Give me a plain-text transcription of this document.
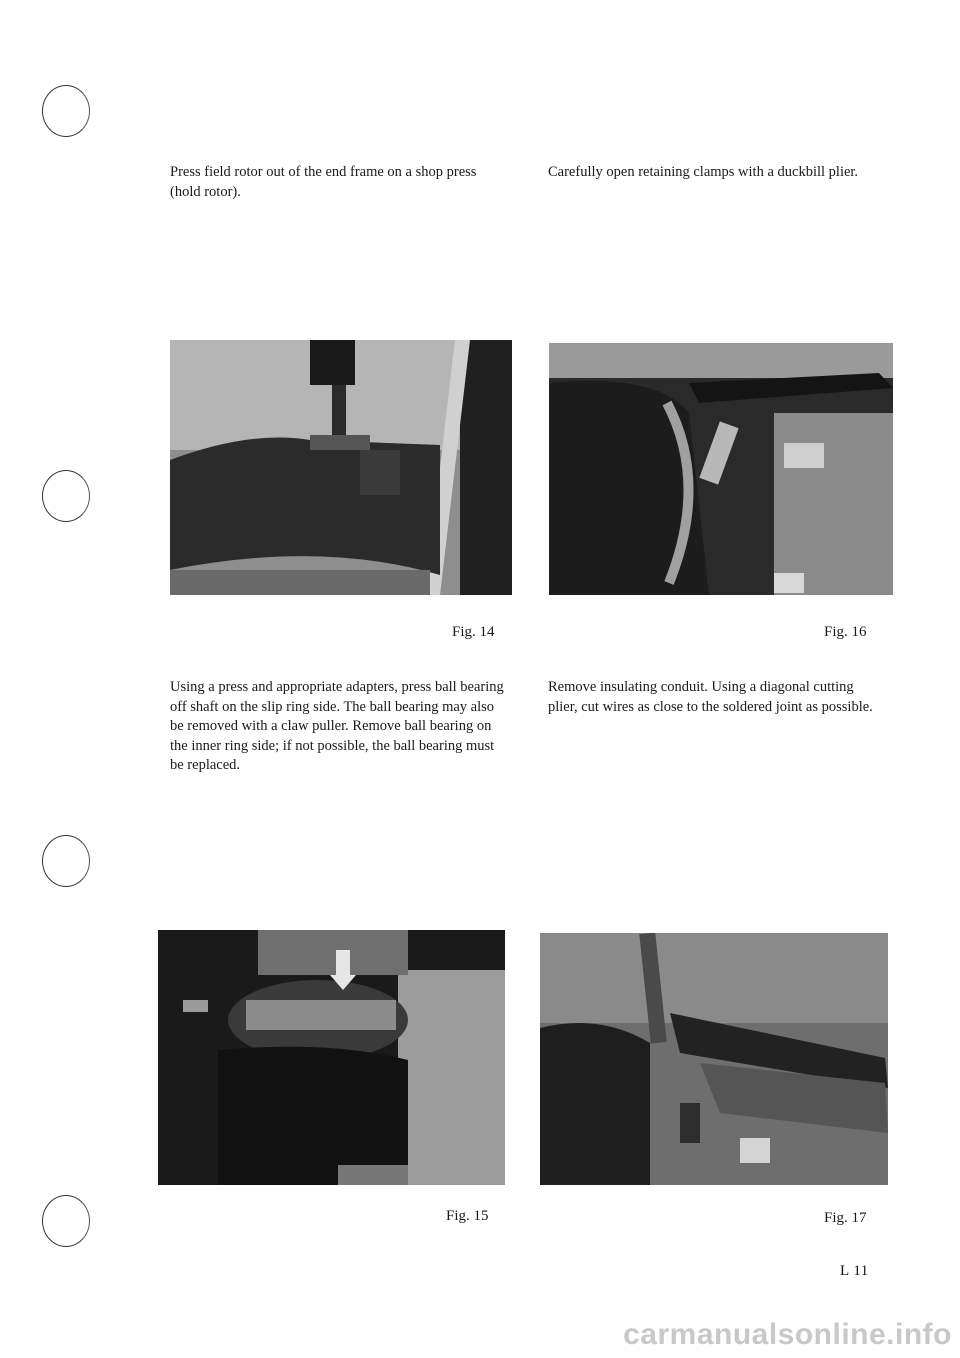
Press field rotor out of the end frame on a shop press (hold rotor).
Carefully open retaining clamps with a duckbill plier.
Fig. 14	Fig. 16
Using a press and appropriate adapters, press ball bearing off shaft on the slip ring side. The ball bearing may also be removed with a claw puller. Remove ball bearing on the inner ring side; if not possible, the ball bearing must be replaced.
Remove insulating conduit. Using a diagonal cutting plier, cut wires as close to the soldered joint as possible.
Fig. 15	Fig. 17
L 11
carmanualsonline.info
